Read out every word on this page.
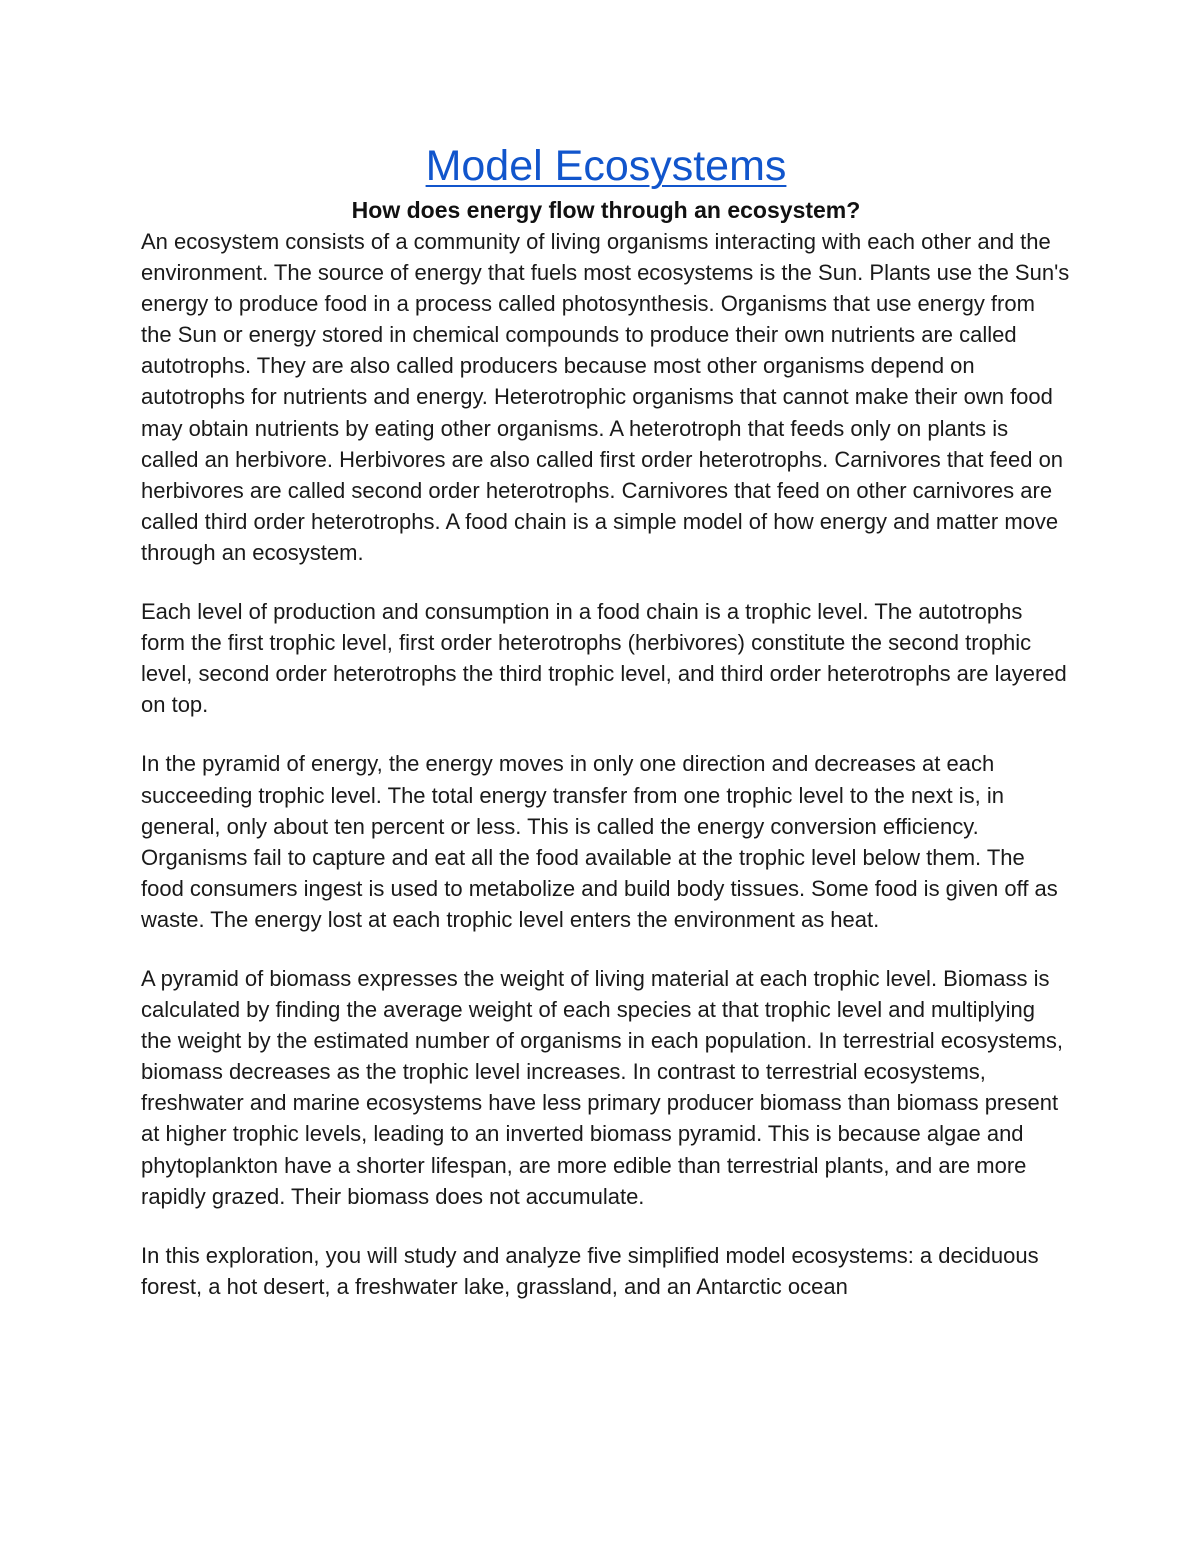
Model Ecosystems
How does energy flow through an ecosystem?

An ecosystem consists of a community of living organisms interacting with each other and the environment. The source of energy that fuels most ecosystems is the Sun. Plants use the Sun's energy to produce food in a process called photosynthesis. Organisms that use energy from the Sun or energy stored in chemical compounds to produce their own nutrients are called autotrophs. They are also called producers because most other organisms depend on autotrophs for nutrients and energy. Heterotrophic organisms that cannot make their own food may obtain nutrients by eating other organisms. A heterotroph that feeds only on plants is called an herbivore. Herbivores are also called first order heterotrophs. Carnivores that feed on herbivores are called second order heterotrophs. Carnivores that feed on other carnivores are called third order heterotrophs. A food chain is a simple model of how energy and matter move through an ecosystem.

Each level of production and consumption in a food chain is a trophic level. The autotrophs form the first trophic level, first order heterotrophs (herbivores) constitute the second trophic level, second order heterotrophs the third trophic level, and third order heterotrophs are layered on top.

In the pyramid of energy, the energy moves in only one direction and decreases at each succeeding trophic level. The total energy transfer from one trophic level to the next is, in general, only about ten percent or less. This is called the energy conversion efficiency. Organisms fail to capture and eat all the food available at the trophic level below them. The food consumers ingest is used to metabolize and build body tissues. Some food is given off as waste. The energy lost at each trophic level enters the environment as heat.

A pyramid of biomass expresses the weight of living material at each trophic level. Biomass is calculated by finding the average weight of each species at that trophic level and multiplying the weight by the estimated number of organisms in each population. In terrestrial ecosystems, biomass decreases as the trophic level increases. In contrast to terrestrial ecosystems, freshwater and marine ecosystems have less primary producer biomass than biomass present at higher trophic levels, leading to an inverted biomass pyramid. This is because algae and phytoplankton have a shorter lifespan, are more edible than terrestrial plants, and are more rapidly grazed. Their biomass does not accumulate.

In this exploration, you will study and analyze five simplified model ecosystems: a deciduous forest, a hot desert, a freshwater lake, grassland, and an Antarctic ocean
